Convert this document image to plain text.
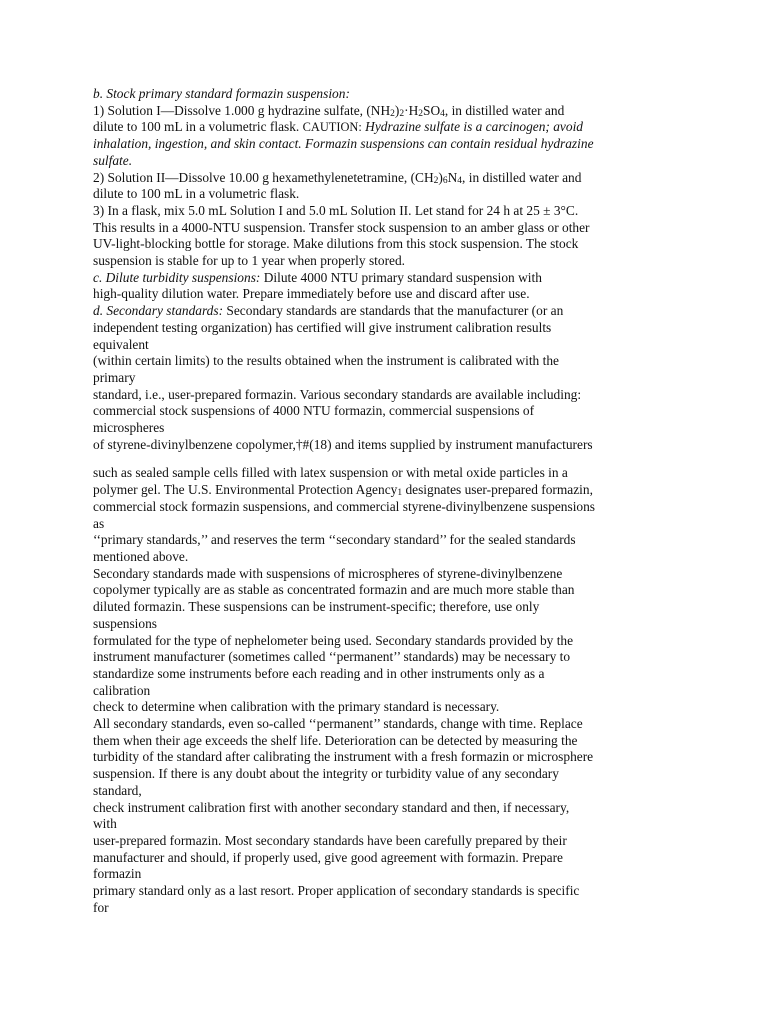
b. Stock primary standard formazin suspension:
1) Solution I—Dissolve 1.000 g hydrazine sulfate, $(NH_2)_2\cdot H_2SO_4$, in distilled water and
dilute to 100 mL in a volumetric flask. CAUTION: Hydrazine sulfate is a carcinogen; avoid
inhalation, ingestion, and skin contact. Formazin suspensions can contain residual hydrazine
sulfate.
2) Solution II—Dissolve 10.00 g hexamethylenetetramine, $(CH_2)_6N_4$, in distilled water and
dilute to 100 mL in a volumetric flask.
3) In a flask, mix 5.0 mL Solution I and 5.0 mL Solution II. Let stand for 24 h at 25 ± 3°C.
This results in a 4000-NTU suspension. Transfer stock suspension to an amber glass or other
UV-light-blocking bottle for storage. Make dilutions from this stock suspension. The stock
suspension is stable for up to 1 year when properly stored.
c. Dilute turbidity suspensions: Dilute 4000 NTU primary standard suspension with
high-quality dilution water. Prepare immediately before use and discard after use.
d. Secondary standards: Secondary standards are standards that the manufacturer (or an
independent testing organization) has certified will give instrument calibration results
equivalent
(within certain limits) to the results obtained when the instrument is calibrated with the
primary
standard, i.e., user-prepared formazin. Various secondary standards are available including:
commercial stock suspensions of 4000 NTU formazin, commercial suspensions of
microspheres
of styrene-divinylbenzene copolymer,†#(18) and items supplied by instrument manufacturers
such as sealed sample cells filled with latex suspension or with metal oxide particles in a
polymer gel. The U.S. Environmental Protection Agency$_1$ designates user-prepared formazin,
commercial stock formazin suspensions, and commercial styrene-divinylbenzene suspensions
as
‘‘primary standards,’’ and reserves the term ‘‘secondary standard’’ for the sealed standards
mentioned above.
Secondary standards made with suspensions of microspheres of styrene-divinylbenzene
copolymer typically are as stable as concentrated formazin and are much more stable than
diluted formazin. These suspensions can be instrument-specific; therefore, use only
suspensions
formulated for the type of nephelometer being used. Secondary standards provided by the
instrument manufacturer (sometimes called ‘‘permanent’’ standards) may be necessary to
standardize some instruments before each reading and in other instruments only as a
calibration
check to determine when calibration with the primary standard is necessary.
All secondary standards, even so-called ‘‘permanent’’ standards, change with time. Replace
them when their age exceeds the shelf life. Deterioration can be detected by measuring the
turbidity of the standard after calibrating the instrument with a fresh formazin or microsphere
suspension. If there is any doubt about the integrity or turbidity value of any secondary
standard,
check instrument calibration first with another secondary standard and then, if necessary,
with
user-prepared formazin. Most secondary standards have been carefully prepared by their
manufacturer and should, if properly used, give good agreement with formazin. Prepare
formazin
primary standard only as a last resort. Proper application of secondary standards is specific
for
